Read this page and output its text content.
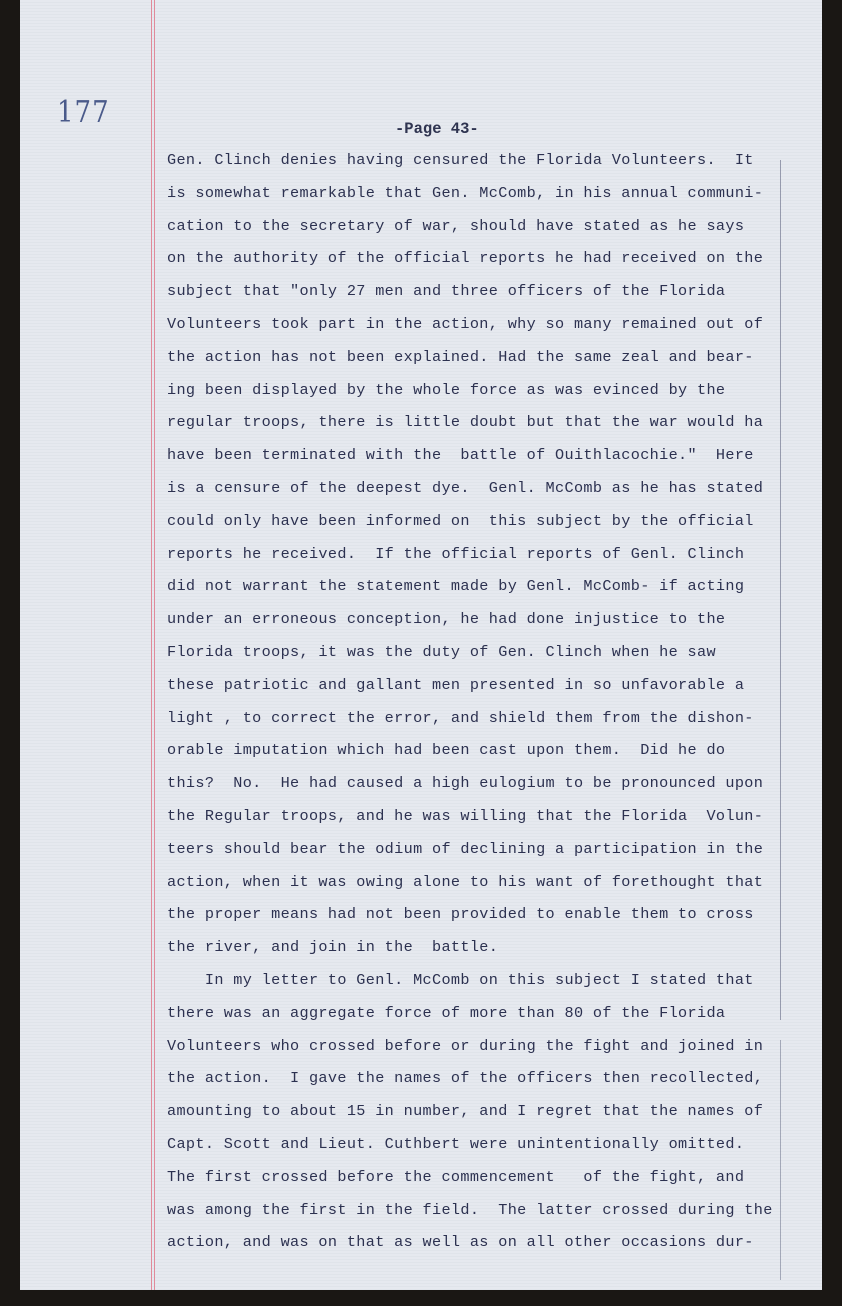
177	-Page 43-
Gen. Clinch denies having censured the Florida Volunteers.  It
is somewhat remarkable that Gen. McComb, in his annual communi-
cation to the secretary of war, should have stated as he says
on the authority of the official reports he had received on the
subject that "only 27 men and three officers of the Florida
Volunteers took part in the action, why so many remained out of
the action has not been explained. Had the same zeal and bear-
ing been displayed by the whole force as was evinced by the
regular troops, there is little doubt but that the war would ha
have been terminated with the  battle of Ouithlacochie."  Here
is a censure of the deepest dye.  Genl. McComb as he has stated
could only have been informed on  this subject by the official
reports he received.  If the official reports of Genl. Clinch
did not warrant the statement made by Genl. McComb- if acting
under an erroneous conception, he had done injustice to the
Florida troops, it was the duty of Gen. Clinch when he saw
these patriotic and gallant men presented in so unfavorable a
light , to correct the error, and shield them from the dishon-
orable imputation which had been cast upon them.  Did he do
this?  No.  He had caused a high eulogium to be pronounced upon
the Regular troops, and he was willing that the Florida  Volun-
teers should bear the odium of declining a participation in the
action, when it was owing alone to his want of forethought that
the proper means had not been provided to enable them to cross
the river, and join in the  battle.
In my letter to Genl. McComb on this subject I stated that
there was an aggregate force of more than 80 of the Florida
Volunteers who crossed before or during the fight and joined in
the action.  I gave the names of the officers then recollected,
amounting to about 15 in number, and I regret that the names of
Capt. Scott and Lieut. Cuthbert were unintentionally omitted.
The first crossed before the commencement   of the fight, and
was among the first in the field.  The latter crossed during the
action, and was on that as well as on all other occasions dur-
